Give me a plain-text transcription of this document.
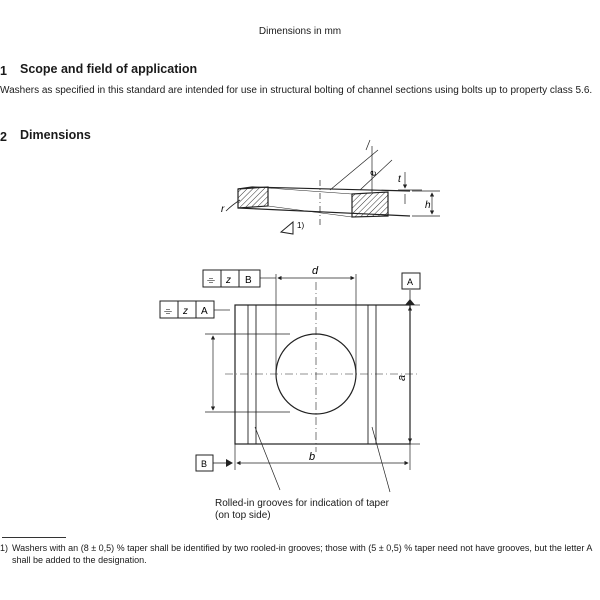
Dimensions in mm
1 Scope and field of application
Washers as specified in this standard are intended for use in structural bolting of channel sections using bolts up to property class 5.6.
2 Dimensions
r
e
t
h
1)
d
a
b
A
B
⌯ z B
⌯ z A
Rolled-in grooves for indication of taper
(on top side)
1) Washers with an (8 ± 0,5) % taper shall be identified by two rooled-in grooves; those with (5 ± 0,5) % taper need not have grooves, but the letter A shall be added to the designation.
